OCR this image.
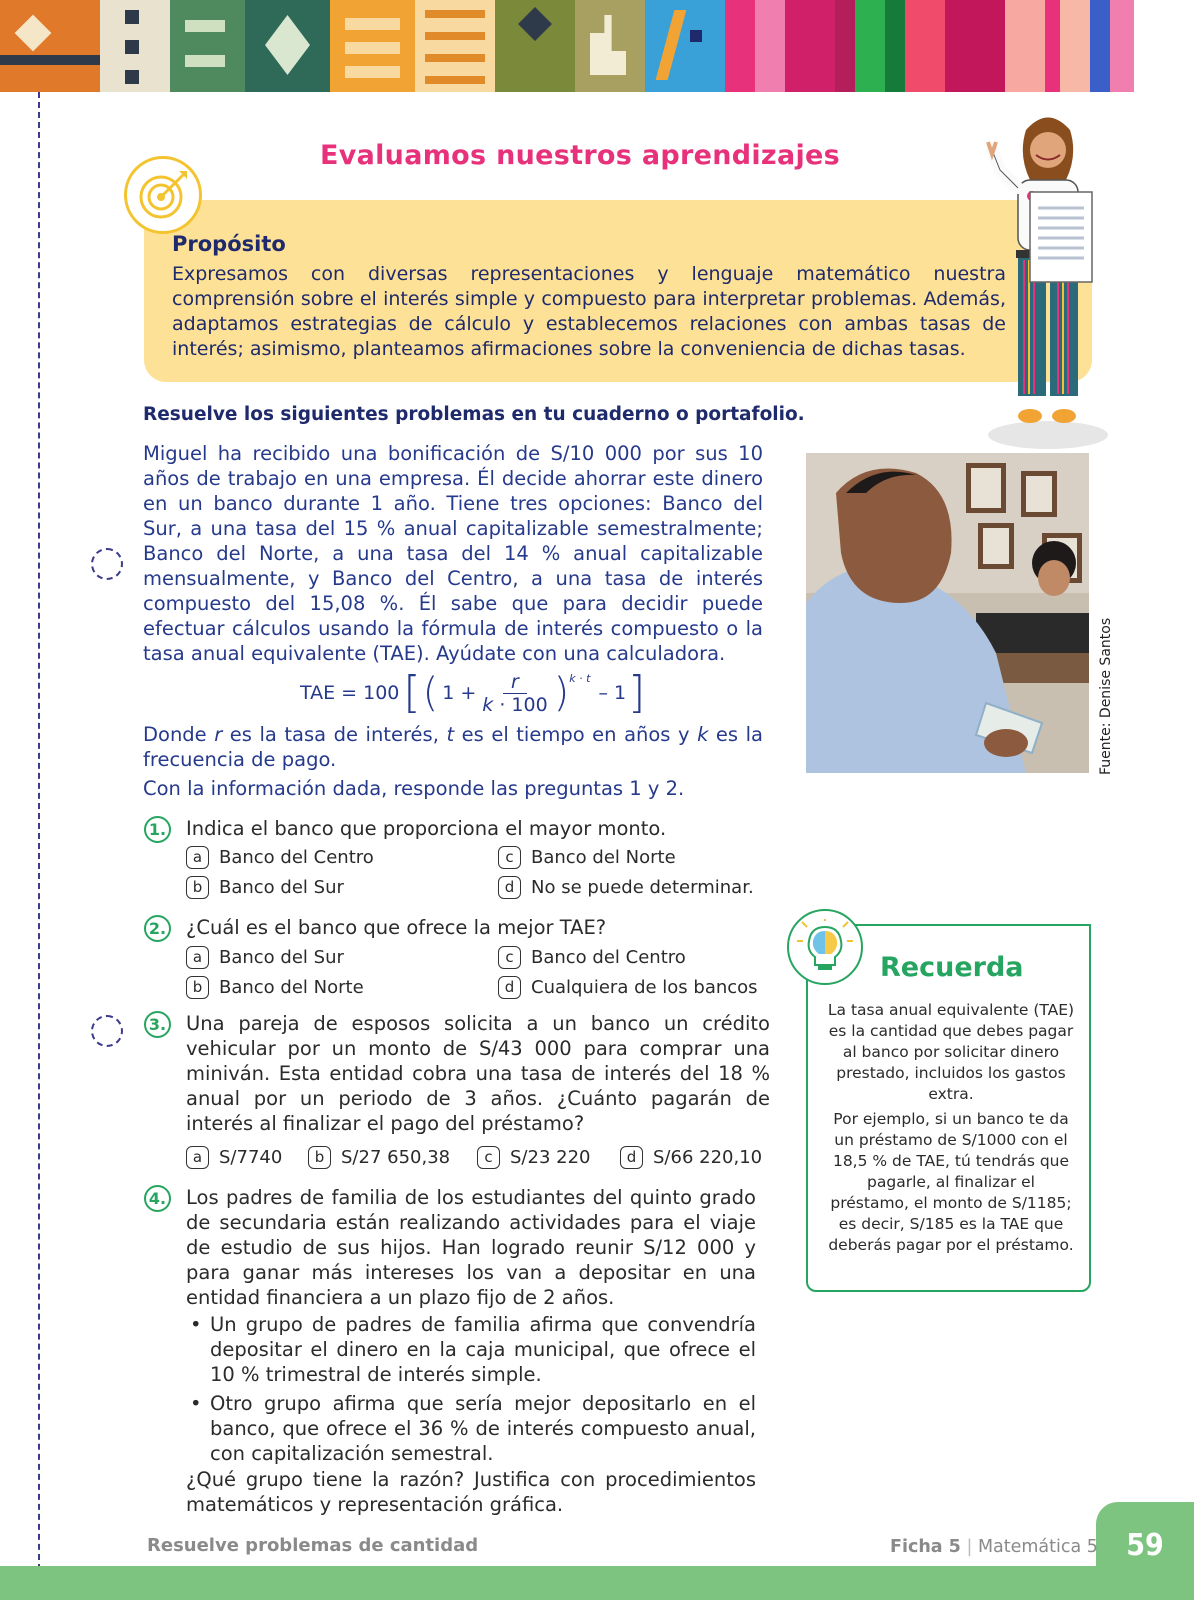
Evaluamos nuestros aprendizajes
Propósito

Expresamos con diversas representaciones y lenguaje matemático nuestra comprensión sobre el interés simple y compuesto para interpretar problemas. Además, adaptamos estrategias de cálculo y establecemos relaciones con ambas tasas de interés; asimismo, planteamos afirmaciones sobre la conveniencia de dichas tasas.

Resuelve los siguientes problemas en tu cuaderno o portafolio.

Miguel ha recibido una bonificación de S/10 000 por sus 10 años de trabajo en una empresa. Él decide ahorrar este dinero en un banco durante 1 año. Tiene tres opciones: Banco del Sur, a una tasa del 15 % anual capitalizable semestralmente; Banco del Norte, a una tasa del 14 % anual capitalizable mensualmente, y Banco del Centro, a una tasa de interés compuesto del 15,08 %. Él sabe que para decidir puede efectuar cálculos usando la fórmula de interés compuesto o la tasa anual equivalente (TAE). Ayúdate con una calculadora.

TAE = 100 [ ( $1 + \frac{r}{k \cdot 100}$ ) k · t
– 1 ]

Donde r es la tasa de interés, t es el tiempo en años y k es la frecuencia de pago.

Con la información dada, responde las preguntas 1 y 2.

Fuente: Denise Santos
1. Indica el banco que proporciona el mayor monto.
a Banco del Centro
b Banco del Sur
c Banco del Norte
d No se puede determinar.
2. ¿Cuál es el banco que ofrece la mejor TAE?
a Banco del Sur
b Banco del Norte
c Banco del Centro
d Cualquiera de los bancos
3. Una pareja de esposos solicita a un banco un crédito vehicular por un monto de S/43 000 para comprar una miniván. Esta entidad cobra una tasa de interés del 18 % anual por un periodo de 3 años. ¿Cuánto pagarán de interés al finalizar el pago del préstamo?
a S/7740	b S/27 650,38	c S/23 220	d S/66 220,10
4. Los padres de familia de los estudiantes del quinto grado de secundaria están realizando actividades para el viaje de estudio de sus hijos. Han logrado reunir S/12 000 y para ganar más intereses los van a depositar en una entidad financiera a un plazo fijo de 2 años.
• Un grupo de padres de familia afirma que convendría depositar el dinero en la caja municipal, que ofrece el 10 % trimestral de interés simple.
• Otro grupo afirma que sería mejor depositarlo en el banco, que ofrece el 36 % de interés compuesto anual, con capitalización semestral.
¿Qué grupo tiene la razón? Justifica con procedimientos matemáticos y representación gráfica.
Recuerda

La tasa anual equivalente (TAE) es la cantidad que debes pagar al banco por solicitar dinero prestado, incluidos los gastos extra.

Por ejemplo, si un banco te da un préstamo de S/1000 con el 18,5 % de TAE, tú tendrás que pagarle, al finalizar el préstamo, el monto de S/1185; es decir, S/185 es la TAE que deberás pagar por el préstamo.

59
Resuelve problemas de cantidad	Ficha 5 | Matemática 5
